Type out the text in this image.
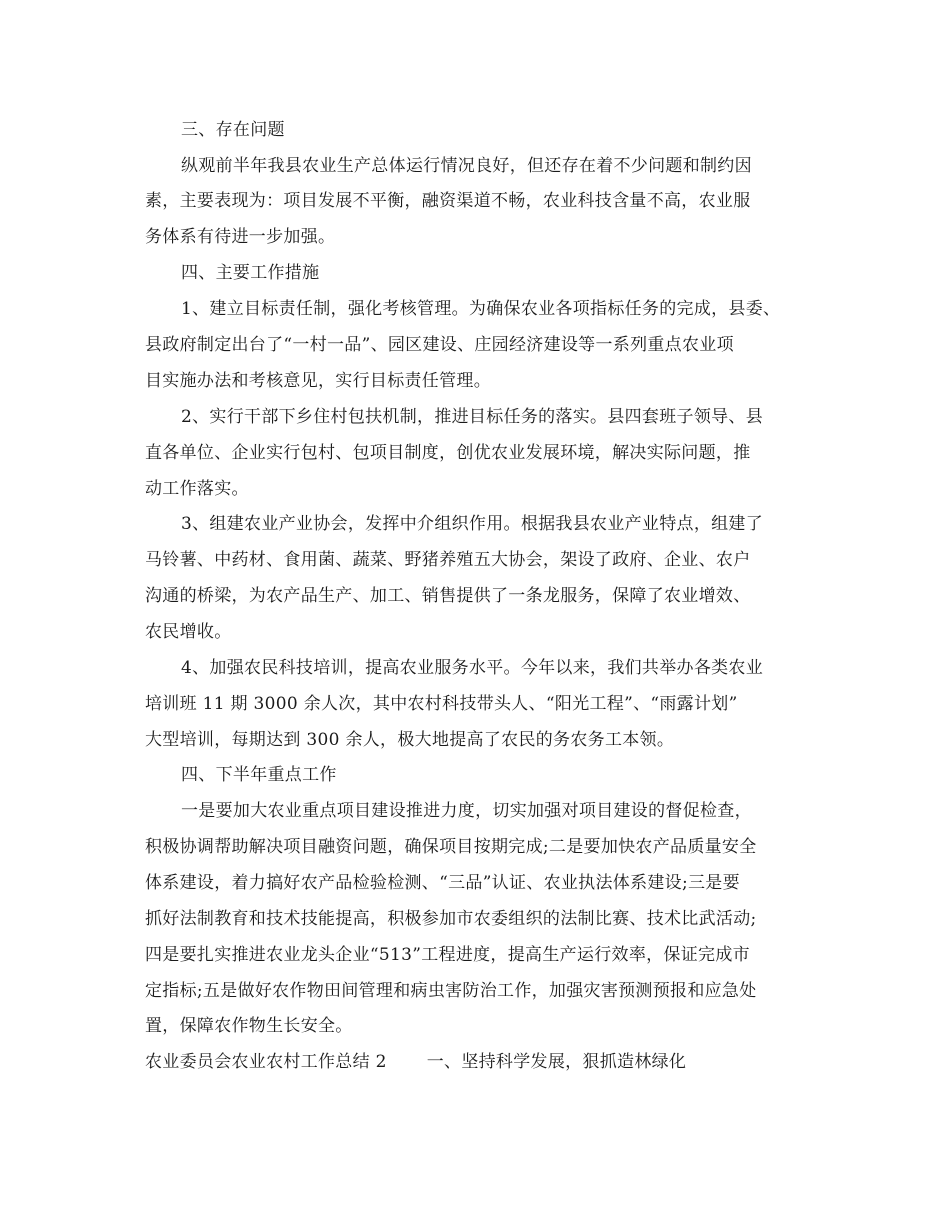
三、存在问题

纵观前半年我县农业生产总体运行情况良好，但还存在着不少问题和制约因

素，主要表现为：项目发展不平衡，融资渠道不畅，农业科技含量不高，农业服

务体系有待进一步加强。

四、主要工作措施

1、建立目标责任制，强化考核管理。为确保农业各项指标任务的完成，县委、

县政府制定出台了“一村一品”、园区建设、庄园经济建设等一系列重点农业项

目实施办法和考核意见，实行目标责任管理。

2、实行干部下乡住村包扶机制，推进目标任务的落实。县四套班子领导、县

直各单位、企业实行包村、包项目制度，创优农业发展环境，解决实际问题，推

动工作落实。

3、组建农业产业协会，发挥中介组织作用。根据我县农业产业特点，组建了

马铃薯、中药材、食用菌、蔬菜、野猪养殖五大协会，架设了政府、企业、农户

沟通的桥梁，为农产品生产、加工、销售提供了一条龙服务，保障了农业增效、

农民增收。

4、加强农民科技培训，提高农业服务水平。今年以来，我们共举办各类农业

培训班 11 期 3000 余人次，其中农村科技带头人、“阳光工程”、“雨露计划”

大型培训，每期达到 300 余人，极大地提高了农民的务农务工本领。

四、下半年重点工作

一是要加大农业重点项目建设推进力度，切实加强对项目建设的督促检查，

积极协调帮助解决项目融资问题，确保项目按期完成;二是要加快农产品质量安全

体系建设，着力搞好农产品检验检测、“三品”认证、农业执法体系建设;三是要

抓好法制教育和技术技能提高，积极参加市农委组织的法制比赛、技术比武活动;

四是要扎实推进农业龙头企业“513”工程进度，提高生产运行效率，保证完成市

定指标;五是做好农作物田间管理和病虫害防治工作，加强灾害预测预报和应急处

置，保障农作物生长安全。

农业委员会农业农村工作总结 2 一、坚持科学发展，狠抓造林绿化
